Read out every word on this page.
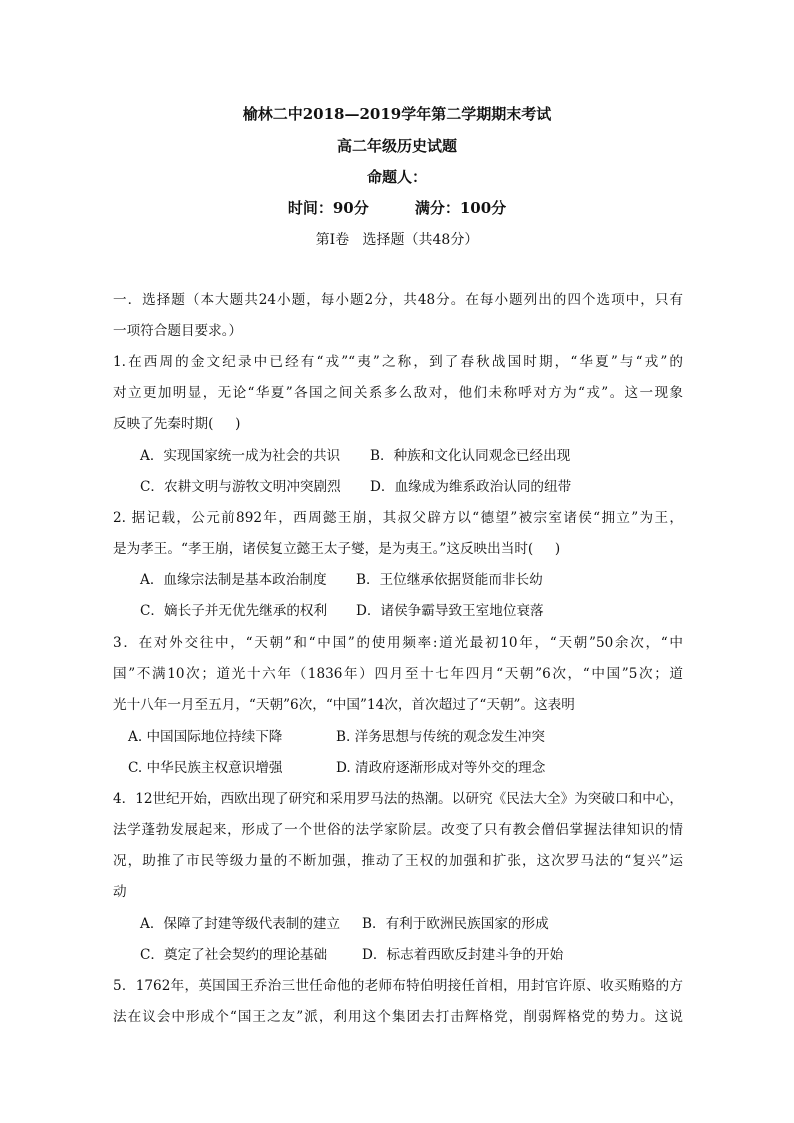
榆林二中2018—2019学年第二学期期末考试
高二年级历史试题
命题人：
时间：90分     满分：100分
第Ⅰ卷   选择题（共48分）
一．选择题（本大题共24小题，每小题2分，共48分。在每小题列出的四个选项中，只有
一项符合题目要求。）
1.在西周的金文纪录中已经有“戎”“夷”之称，到了春秋战国时期，“华夏”与“戎”的
对立更加明显，无论“华夏”各国之间关系多么敌对，他们未称呼对方为“戎”。这一现象
反映了先秦时期(     )
A．实现国家统一成为社会的共识 B．种族和文化认同观念已经出现
C．农耕文明与游牧文明冲突剧烈 D．血缘成为维系政治认同的纽带
2. 据记载，公元前892年，西周懿王崩，其叔父辟方以“德望”被宗室诸侯“拥立”为王，
是为孝王。“孝王崩，诸侯复立懿王太子燮，是为夷王。”这反映出当时(     )
A．血缘宗法制是基本政治制度 B．王位继承依据贤能而非长幼
C．嫡长子并无优先继承的权利 D．诸侯争霸导致王室地位衰落
3．在对外交往中，“天朝”和“中国”的使用频率:道光最初10年，“天朝”50余次，“中
国”不满10次；道光十六年（1836年）四月至十七年四月“天朝”6次，“中国”5次；道
光十八年一月至五月，“天朝”6次，“中国”14次，首次超过了“天朝”。这表明
A. 中国国际地位持续下降	B. 洋务思想与传统的观念发生冲突
C. 中华民族主权意识增强	D. 清政府逐渐形成对等外交的理念
4．12世纪开始，西欧出现了研究和采用罗马法的热潮。以研究《民法大全》为突破口和中心，
法学蓬勃发展起来，形成了一个世俗的法学家阶层。改变了只有教会僧侣掌握法律知识的情
况，助推了市民等级力量的不断加强，推动了王权的加强和扩张，这次罗马法的“复兴”运
动
A．保障了封建等级代表制的建立 B．有利于欧洲民族国家的形成
C．奠定了社会契约的理论基础	D．标志着西欧反封建斗争的开始
5．1762年，英国国王乔治三世任命他的老师布特伯明接任首相，用封官许原、收买贿赂的方
法在议会中形成个“国王之友”派，利用这个集团去打击辉格党，削弱辉格党的势力。这说
